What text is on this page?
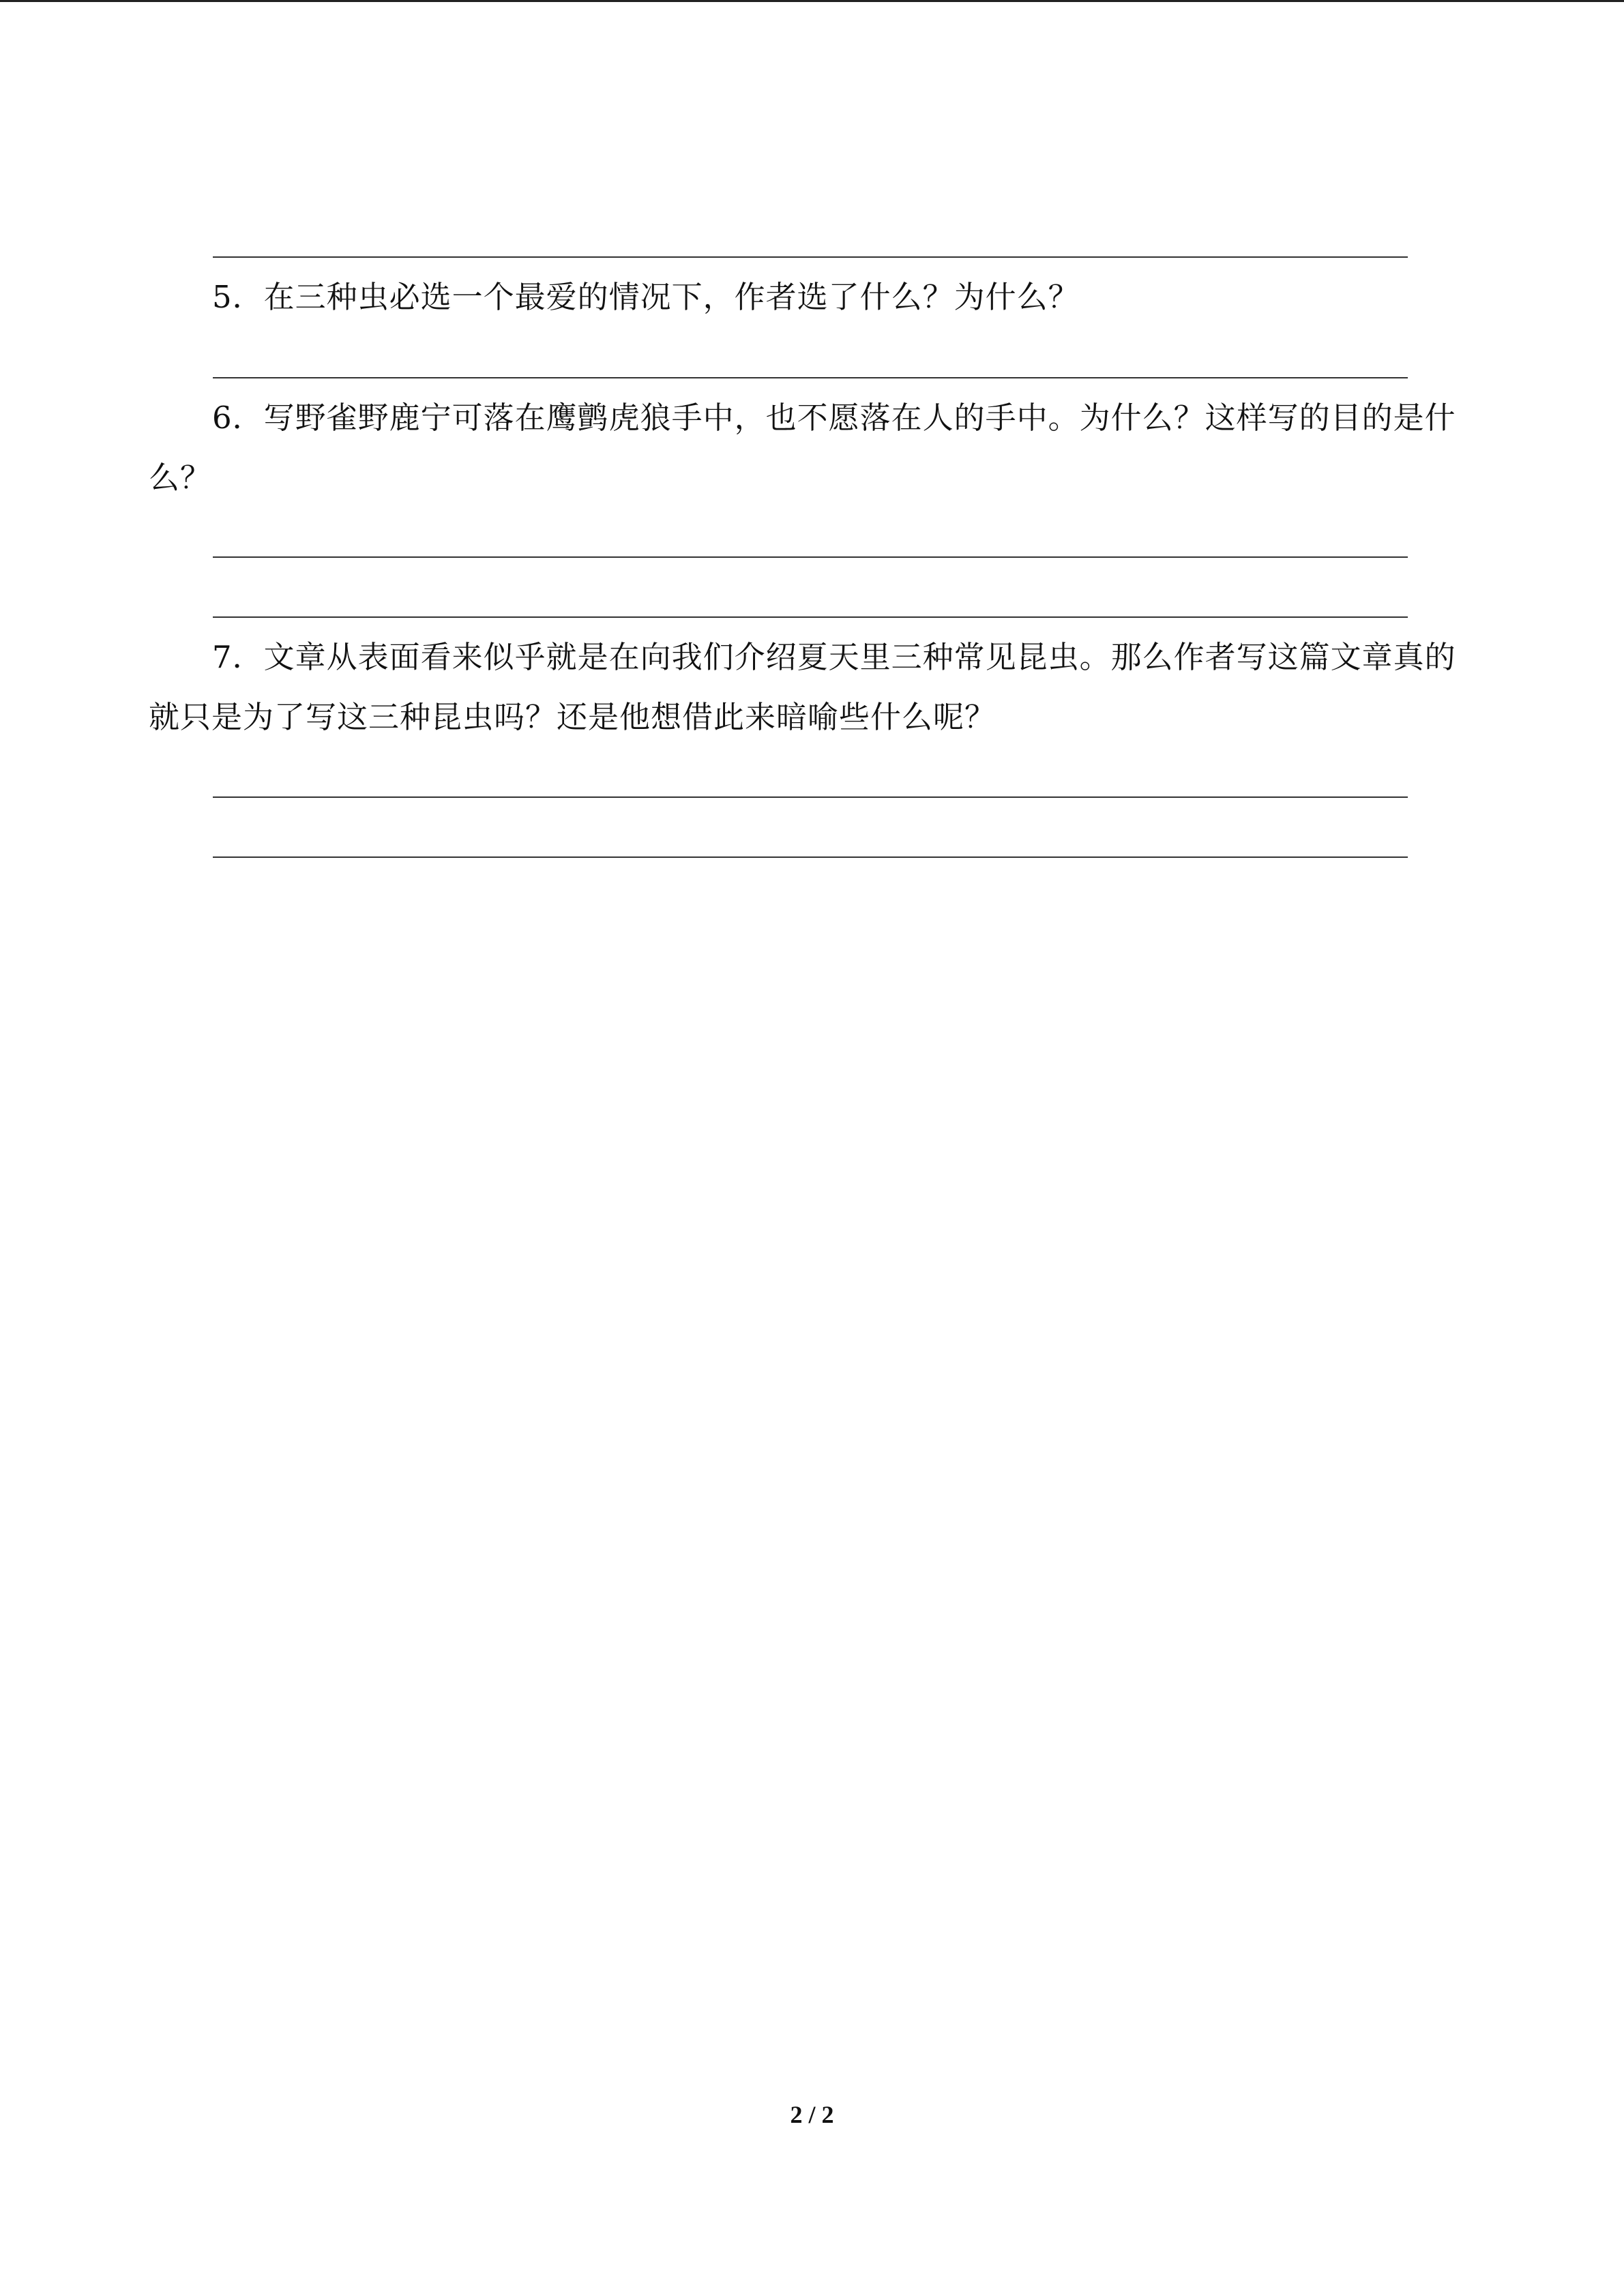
5．在三种虫必选一个最爱的情况下，作者选了什么？为什么？

6．写野雀野鹿宁可落在鹰鹯虎狼手中，也不愿落在人的手中。为什么？这样写的目的是什么？

7．文章从表面看来似乎就是在向我们介绍夏天里三种常见昆虫。那么作者写这篇文章真的就只是为了写这三种昆虫吗？还是他想借此来暗喻些什么呢？

2 / 2
